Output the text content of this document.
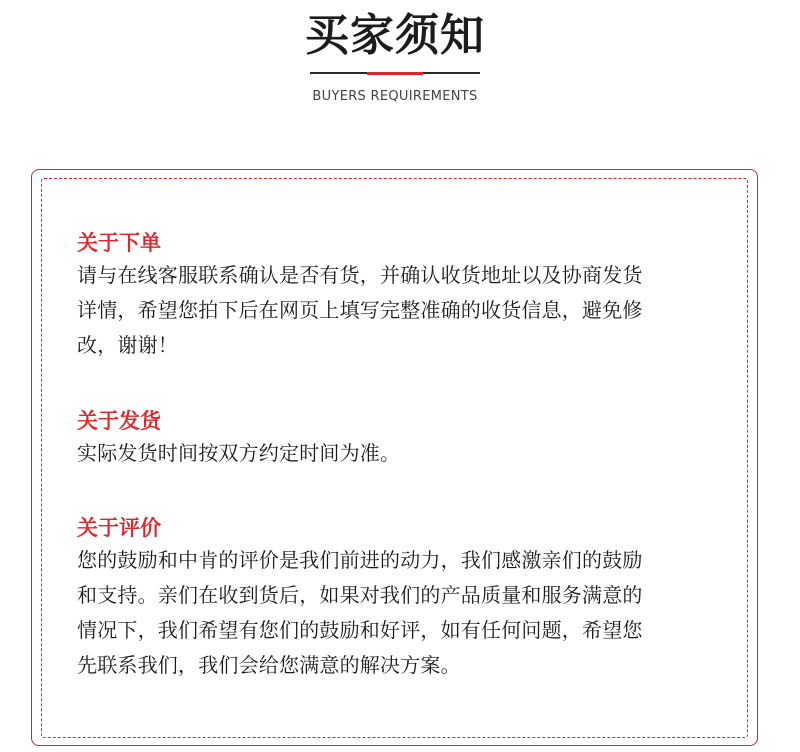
买家须知
BUYERS REQUIREMENTS

关于下单

请与在线客服联系确认是否有货，并确认收货地址以及协商发货

详情，希望您拍下后在网页上填写完整准确的收货信息，避免修

改，谢谢！

关于发货

实际发货时间按双方约定时间为准。

关于评价

您的鼓励和中肯的评价是我们前进的动力，我们感激亲们的鼓励

和支持。亲们在收到货后，如果对我们的产品质量和服务满意的

情况下，我们希望有您们的鼓励和好评，如有任何问题，希望您

先联系我们，我们会给您满意的解决方案。
